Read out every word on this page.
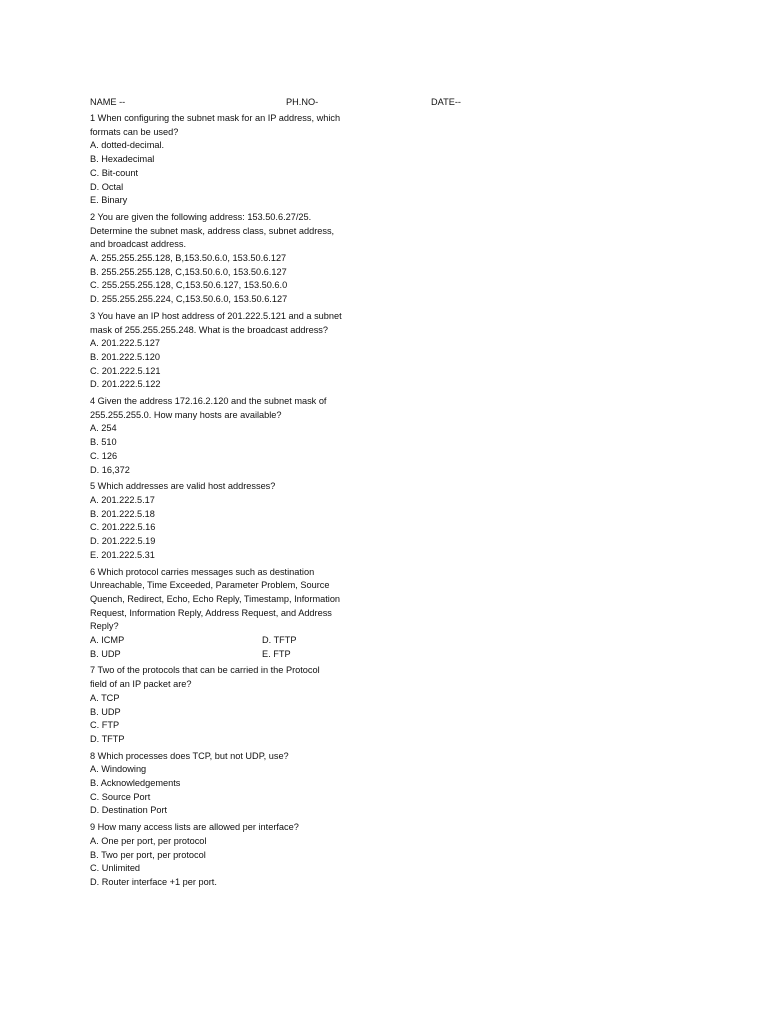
NAME --	PH.NO-	DATE--
1 When configuring the subnet mask for an IP address, which
formats can be used?
A. dotted-decimal.
B. Hexadecimal
C. Bit-count
D. Octal
E. Binary
2 You are given the following address: 153.50.6.27/25.
Determine the subnet mask, address class, subnet address,
and broadcast address.
A. 255.255.255.128, B,153.50.6.0, 153.50.6.127
B. 255.255.255.128, C,153.50.6.0, 153.50.6.127
C. 255.255.255.128, C,153.50.6.127, 153.50.6.0
D. 255.255.255.224, C,153.50.6.0, 153.50.6.127
3 You have an IP host address of 201.222.5.121 and a subnet
mask of 255.255.255.248. What is the broadcast address?
A. 201.222.5.127
B. 201.222.5.120
C. 201.222.5.121
D. 201.222.5.122
4 Given the address 172.16.2.120 and the subnet mask of
255.255.255.0. How many hosts are available?
A. 254
B. 510
C. 126
D. 16,372
5 Which addresses are valid host addresses?
A. 201.222.5.17
B. 201.222.5.18
C. 201.222.5.16
D. 201.222.5.19
E. 201.222.5.31
6 Which protocol carries messages such as destination
Unreachable, Time Exceeded, Parameter Problem, Source
Quench, Redirect, Echo, Echo Reply, Timestamp, Information
Request, Information Reply, Address Request, and Address
Reply?
A. ICMP	D. TFTP
B. UDP	E. FTP
7 Two of the protocols that can be carried in the Protocol
field of an IP packet are?
A. TCP
B. UDP
C. FTP
D. TFTP
8 Which processes does TCP, but not UDP, use?
A. Windowing
B. Acknowledgements
C. Source Port
D. Destination Port
9 How many access lists are allowed per interface?
A. One per port, per protocol
B. Two per port, per protocol
C. Unlimited
D. Router interface +1 per port.
